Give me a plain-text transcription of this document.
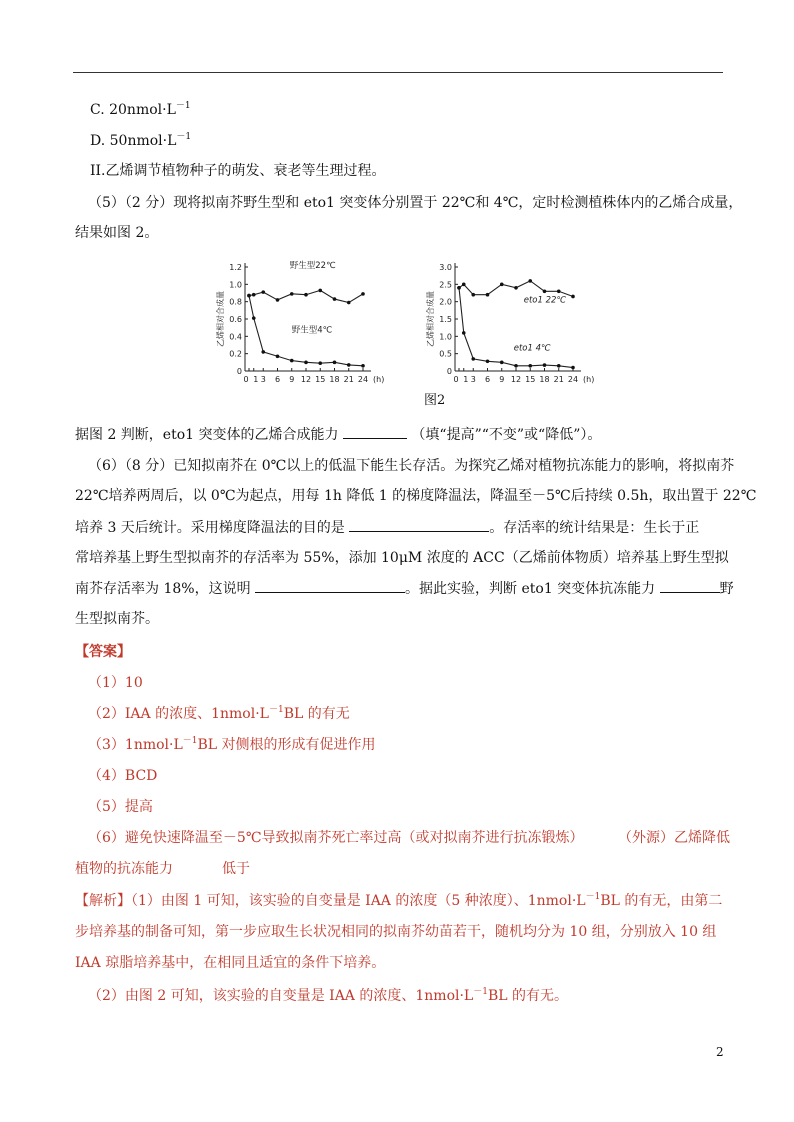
C. $20nmol\cdot L^{-1}$
D. $50nmol\cdot L^{-1}$
II.乙烯调节植物种子的萌发、衰老等生理过程。
（5）（2 分）现将拟南芥野生型和 eto1 突变体分别置于 22℃和 4℃，定时检测植株体内的乙烯合成量，
结果如图 2。
0
0.2
0.4
0.6
0.8
1.0
1.2
0 1 3 6 9 12 15 18 21 24 (h)
乙烯相对合成量
野生型22℃
野生型4℃
0
0.5
1.0
1.5
2.0
2.5
3.0
0 1 3 6 9 12 15 18 21 24 (h)
乙烯相对合成量	eto1 22℃
eto1 4℃
图2
据图 2 判断，eto1 突变体的乙烯合成能力	（填“提高”“不变”或“降低”）。
（6）（8 分）已知拟南芥在 0℃以上的低温下能生长存活。为探究乙烯对植物抗冻能力的影响，将拟南芥
22℃培养两周后，以 0℃为起点，用每 1h 降低 1 的梯度降温法，降温至－5℃后持续 0.5h，取出置于 22℃
培养 3 天后统计。采用梯度降温法的目的是	。存活率的统计结果是：生长于正
常培养基上野生型拟南芥的存活率为 55%，添加 10μM 浓度的 ACC（乙烯前体物质）培养基上野生型拟
南芥存活率为 18%，这说明	。据此实验，判断 eto1 突变体抗冻能力	野
生型拟南芥。
【答案】
（1）10
（2）IAA 的浓度、$1nmol\cdot L^{-1}BL$ 的有无
$(3)1nmol\cdot L^{-1}BL$ 对侧根的形成有促进作用
（4）BCD
（5）提高
（6）避免快速降温至－5℃导致拟南芥死亡率过高（或对拟南芥进行抗冻锻炼） （外源）乙烯降低
植物的抗冻能力	低于
【解析】（1）由图 1 可知，该实验的自变量是 IAA 的浓度（5 种浓度）、$1nmol\cdot L^{-1}BL$ 的有无，由第二
步培养基的制备可知，第一步应取生长状况相同的拟南芥幼苗若干，随机均分为 10 组，分别放入 10 组
IAA 琼脂培养基中，在相同且适宜的条件下培养。
（2）由图 2 可知，该实验的自变量是 IAA 的浓度、$1nmol\cdot L^{-1}BL$ 的有无。
2
